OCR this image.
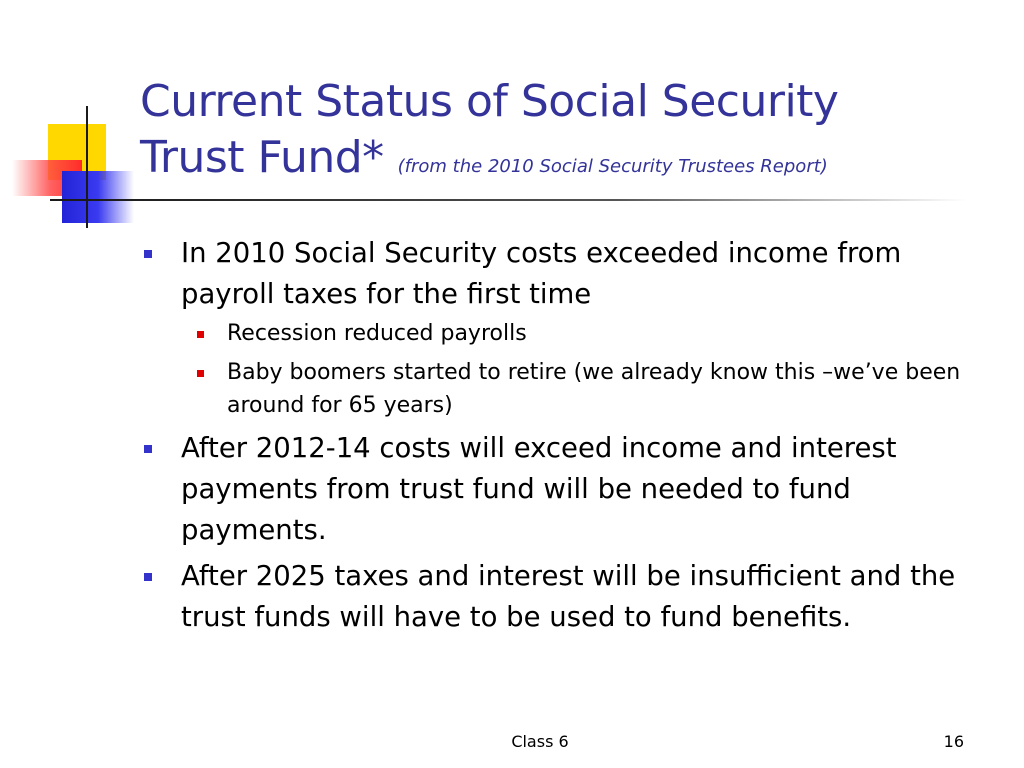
Current Status of Social Security
Trust Fund* (from the 2010 Social Security Trustees Report)
In 2010 Social Security costs exceeded income from payroll taxes for the first time
Recession reduced payrolls
Baby boomers started to retire (we already know this –we’ve been around for 65 years)
After 2012-14 costs will exceed income and interest payments from trust fund will be needed to fund payments.
After 2025 taxes and interest will be insufficient and the trust funds will have to be used to fund benefits.
Class 6	16
